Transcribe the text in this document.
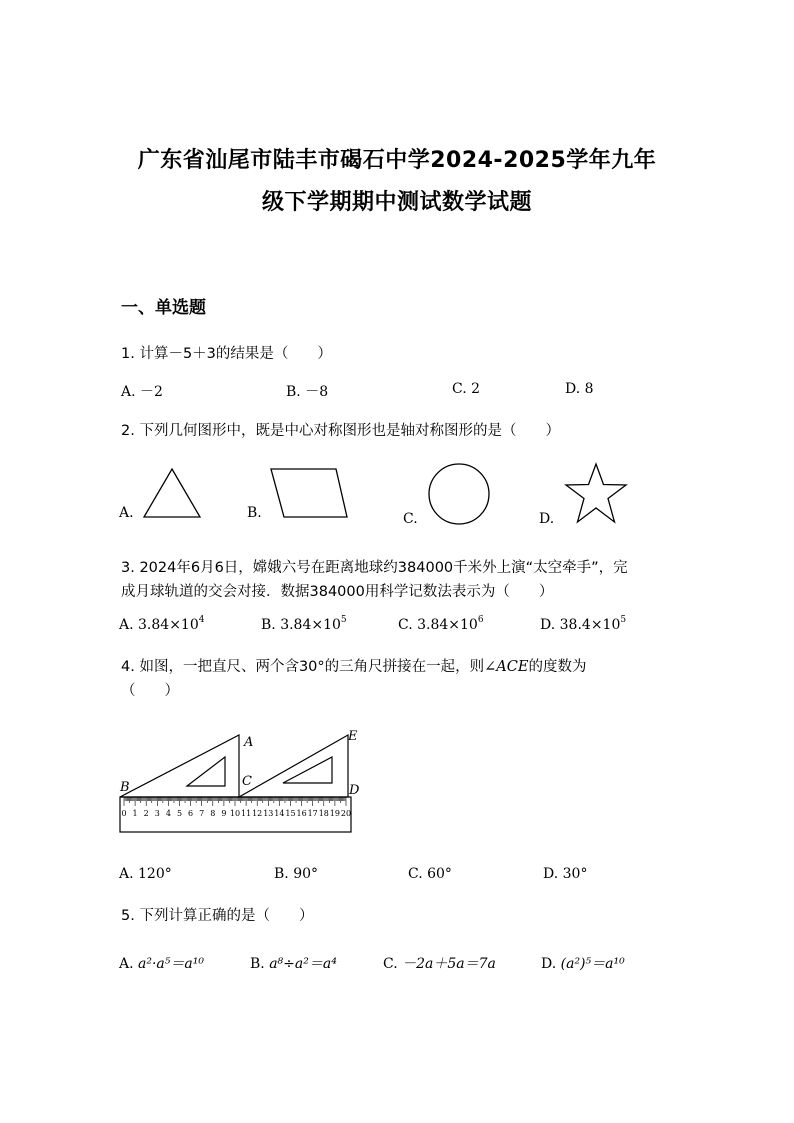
广东省汕尾市陆丰市碣石中学2024-2025学年九年
级下学期期中测试数学试题
一、单选题
1. 计算－5＋3的结果是（　　）
A. －2	B. －8	C. 2	D. 8
2. 下列几何图形中，既是中心对称图形也是轴对称图形的是（　　）
A.	B.	C.	D.
3. 2024年6月6日，嫦娥六号在距离地球约384000千米外上演“太空牵手”，完
成月球轨道的交会对接．数据384000用科学记数法表示为（　　）
A. $3.84\times 10^4$	B. $3.84\times 10^5$	C. $3.84\times 10^6$	D. $38.4\times 10^5$
4. 如图，一把直尺、两个含30°的三角尺拼接在一起，则∠ACE的度数为
（　　）
0 1 2 3 4 5 6 7 8 9 10 11 12 13 14 15 16 17 18 19 20
A
B	C
D
E
A. 120°	B. 90°	C. 60°	D. 30°
5. 下列计算正确的是（　　）
A. a²·a⁵＝a¹⁰	B. a⁸÷a²＝a⁴	C. －2a＋5a＝7a	D. (a²)⁵＝a¹⁰
